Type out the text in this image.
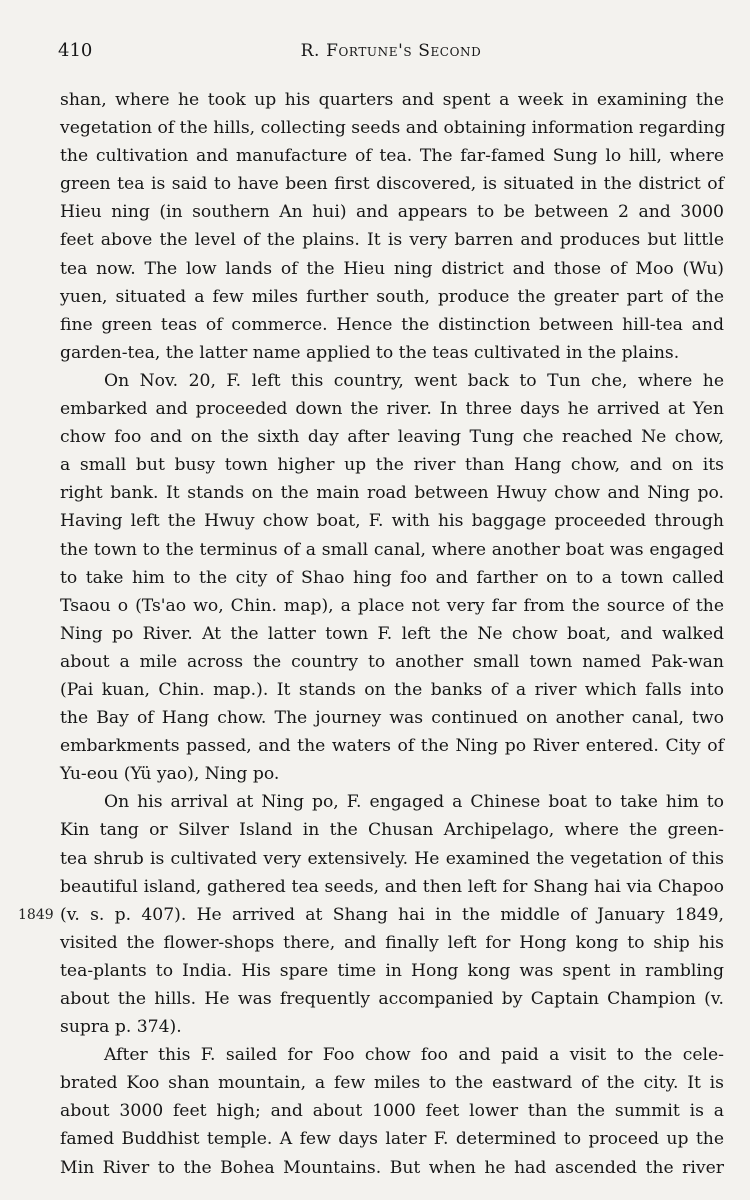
410	R. Fortune's Second
shan, where he took up his quarters and spent a week in examining the
vegetation of the hills, collecting seeds and obtaining information regarding
the cultivation and manufacture of tea. The far-famed Sung lo hill, where
green tea is said to have been first discovered, is situated in the district of
Hieu ning (in southern An hui) and appears to be between 2 and 3000
feet above the level of the plains. It is very barren and produces but little
tea now. The low lands of the Hieu ning district and those of Moo (Wu)
yuen, situated a few miles further south, produce the greater part of the
fine green teas of commerce. Hence the distinction between hill-tea and
garden-tea, the latter name applied to the teas cultivated in the plains.
On Nov. 20, F. left this country, went back to Tun che, where he
embarked and proceeded down the river. In three days he arrived at Yen
chow foo and on the sixth day after leaving Tung che reached Ne chow,
a small but busy town higher up the river than Hang chow, and on its
right bank. It stands on the main road between Hwuy chow and Ning po.
Having left the Hwuy chow boat, F. with his baggage proceeded through
the town to the terminus of a small canal, where another boat was engaged
to take him to the city of Shao hing foo and farther on to a town called
Tsaou o (Ts'ao wo, Chin. map), a place not very far from the source of the
Ning po River. At the latter town F. left the Ne chow boat, and walked
about a mile across the country to another small town named Pak-wan
(Pai kuan, Chin. map.). It stands on the banks of a river which falls into
the Bay of Hang chow. The journey was continued on another canal, two
embarkments passed, and the waters of the Ning po River entered. City of
Yu-eou (Yü yao), Ning po.
On his arrival at Ning po, F. engaged a Chinese boat to take him to
Kin tang or Silver Island in the Chusan Archipelago, where the green-
tea shrub is cultivated very extensively. He examined the vegetation of this
beautiful island, gathered tea seeds, and then left for Shang hai via Chapoo
1849 (v. s. p. 407). He arrived at Shang hai in the middle of January 1849,
visited the flower-shops there, and finally left for Hong kong to ship his
tea-plants to India. His spare time in Hong kong was spent in rambling
about the hills. He was frequently accompanied by Captain Champion (v.
supra p. 374).
After this F. sailed for Foo chow foo and paid a visit to the cele-
brated Koo shan mountain, a few miles to the eastward of the city. It is
about 3000 feet high; and about 1000 feet lower than the summit is a
famed Buddhist temple. A few days later F. determined to proceed up the
Min River to the Bohea Mountains. But when he had ascended the river
